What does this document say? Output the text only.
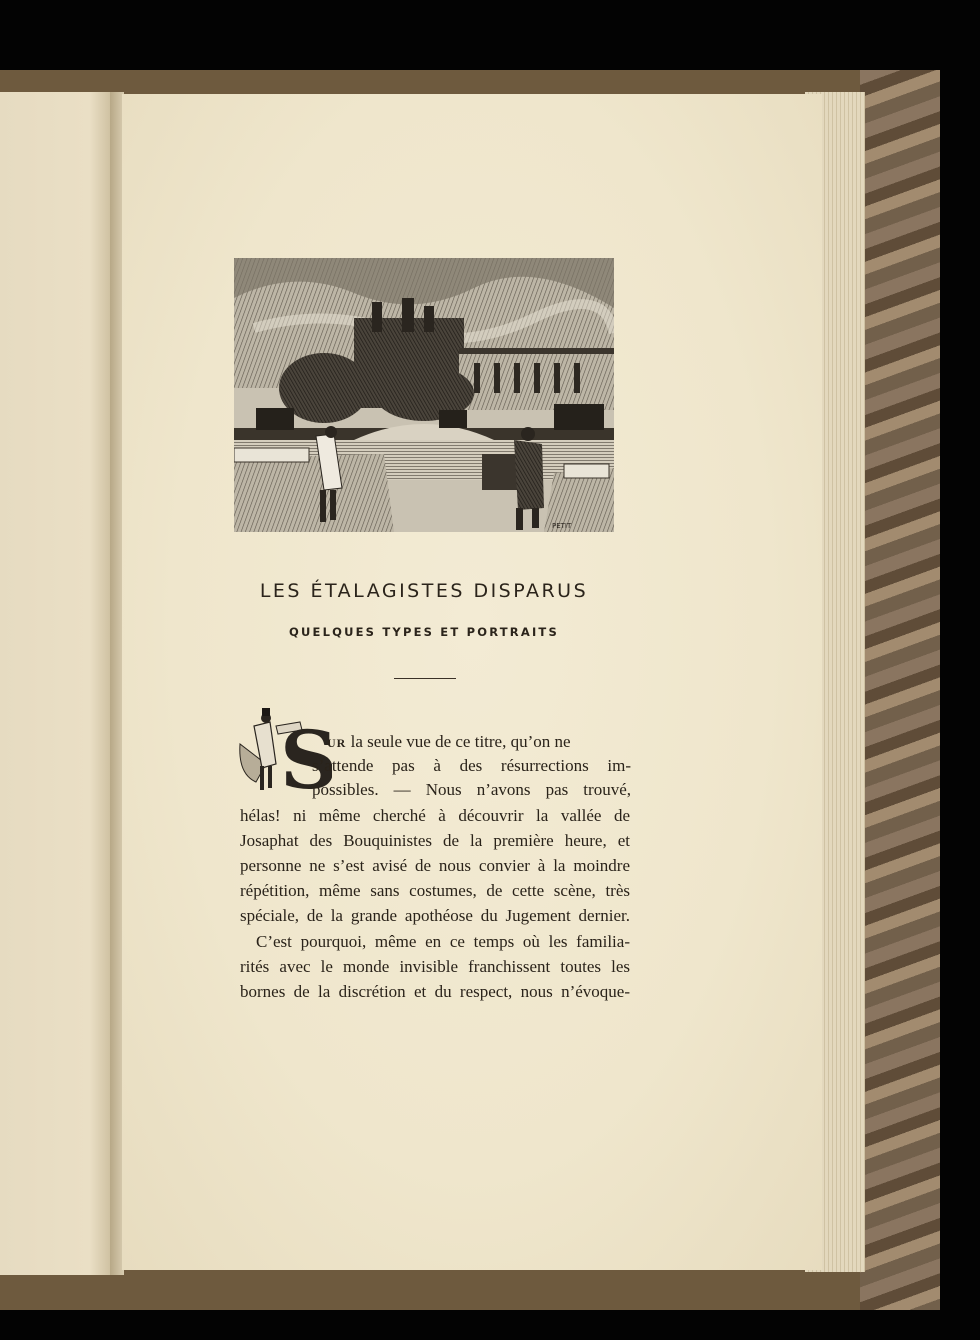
PETIT
LES ÉTALAGISTES DISPARUS
QUELQUES TYPES ET PORTRAITS
S
UR la seule vue de ce titre, qu’on ne
s’attende pas à des résurrections im-
possibles. — Nous n’avons pas trouvé,
hélas! ni même cherché à découvrir la vallée de
Josaphat des Bouquinistes de la première heure, et
personne ne s’est avisé de nous convier à la moindre
répétition, même sans costumes, de cette scène, très
spéciale, de la grande apothéose du Jugement dernier.
C’est pourquoi, même en ce temps où les familia-
rités avec le monde invisible franchissent toutes les
bornes de la discrétion et du respect, nous n’évoque-
